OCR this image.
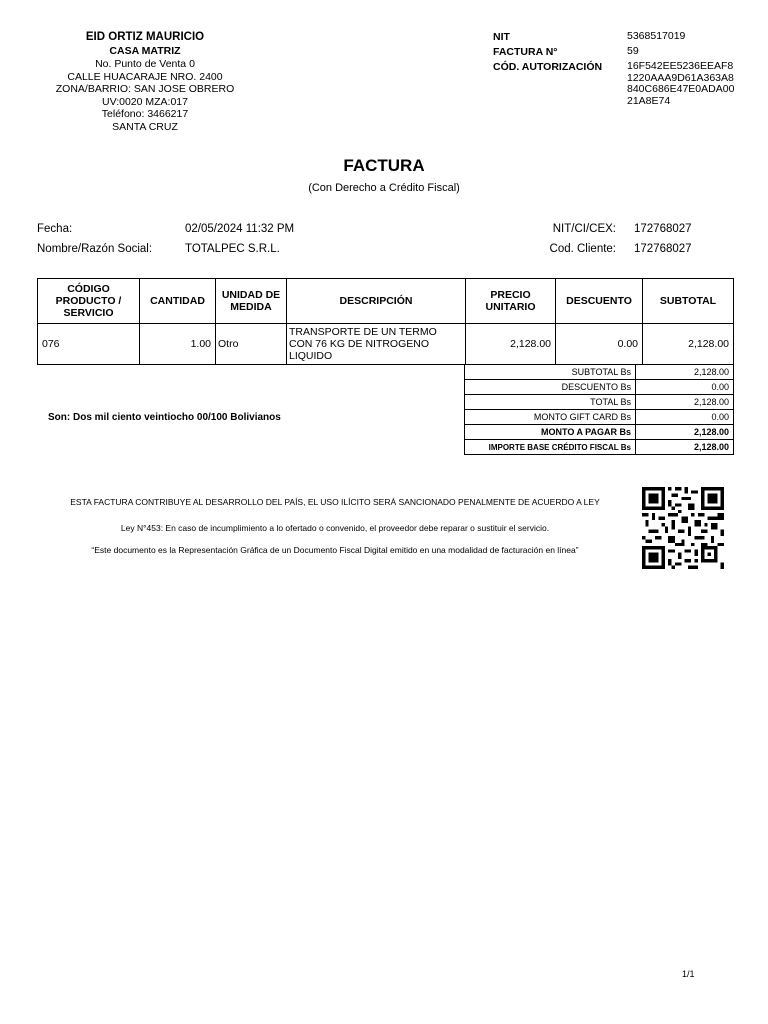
EID ORTIZ MAURICIO
CASA MATRIZ
No. Punto de Venta 0
CALLE HUACARAJE NRO. 2400
ZONA/BARRIO: SAN JOSE OBRERO
UV:0020 MZA:017
Teléfono: 3466217
SANTA CRUZ
NIT	5368517019
FACTURA N°	59
CÓD. AUTORIZACIÓN	16F542EE5236EEAF8 1220AAA9D61A363A8 840C686E47E0ADA00 21A8E74
FACTURA
(Con Derecho a Crédito Fiscal)
Fecha:	02/05/2024 11:32 PM
Nombre/Razón Social:	TOTALPEC S.R.L.
NIT/CI/CEX: 172768027
Cod. Cliente: 172768027
CÓDIGO PRODUCTO / SERVICIO	CANTIDAD	UNIDAD DE MEDIDA	DESCRIPCIÓN	PRECIO UNITARIO	DESCUENTO	SUBTOTAL
076	1.00	Otro	TRANSPORTE DE UN TERMO CON 76 KG DE NITROGENO LIQUIDO	2,128.00	0.00	2,128.00
SUBTOTAL Bs	2,128.00
DESCUENTO Bs	0.00
TOTAL Bs	2,128.00
MONTO GIFT CARD Bs	0.00
MONTO A PAGAR Bs	2,128.00
IMPORTE BASE CRÉDITO FISCAL Bs	2,128.00
Son: Dos mil ciento veintiocho 00/100 Bolivianos
ESTA FACTURA CONTRIBUYE AL DESARROLLO DEL PAÍS, EL USO ILÍCITO SERÁ SANCIONADO PENALMENTE DE ACUERDO A LEY
Ley N°453: En caso de incumplimiento a lo ofertado o convenido, el proveedor debe reparar o sustituir el servicio.
“Este documento es la Representación Gráfica de un Documento Fiscal Digital emitido en una modalidad de facturación en línea”
1/1
